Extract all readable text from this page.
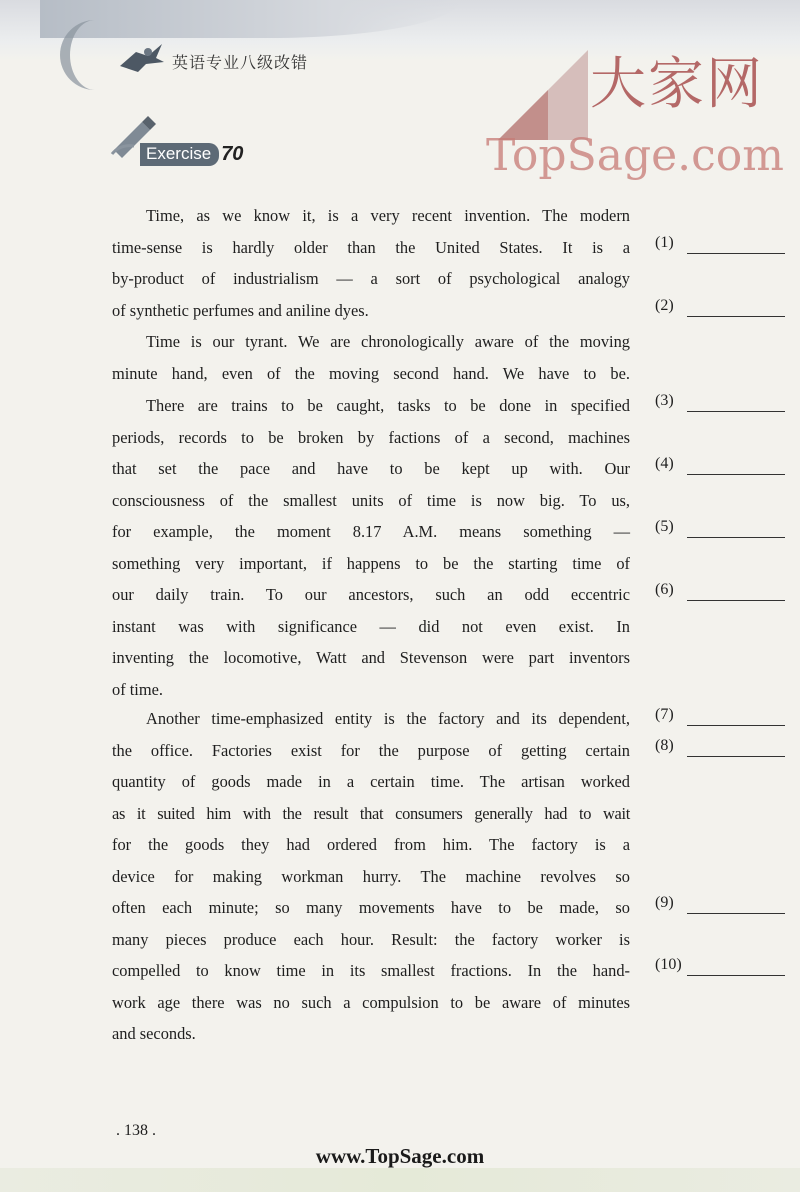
英语专业八级改错	大家网
TopSage.com
Exercise 70
Time, as we know it, is a very recent invention. The modern
time-sense is hardly older than the United States. It is a
by-product of industrialism — a sort of psychological analogy
of synthetic perfumes and aniline dyes.
Time is our tyrant. We are chronologically aware of the moving
minute hand, even of the moving second hand. We have to be.
There are trains to be caught, tasks to be done in specified
periods, records to be broken by factions of a second, machines
that set the pace and have to be kept up with. Our
consciousness of the smallest units of time is now big. To us,
for example, the moment 8.17 A.M. means something —
something very important, if happens to be the starting time of
our daily train. To our ancestors, such an odd eccentric
instant was with significance — did not even exist. In
inventing the locomotive, Watt and Stevenson were part inventors
of time.
Another time-emphasized entity is the factory and its dependent,
the office. Factories exist for the purpose of getting certain
quantity of goods made in a certain time. The artisan worked
as it suited him with the result that consumers generally had to wait
for the goods they had ordered from him. The factory is a
device for making workman hurry. The machine revolves so
often each minute; so many movements have to be made, so
many pieces produce each hour. Result: the factory worker is
compelled to know time in its smallest fractions. In the hand-
work age there was no such a compulsion to be aware of minutes
and seconds.
(1)
(2)
(3)
(4)
(5)
(6)
(7)
(8)
(9)
(10)
. 138 .
www.TopSage.com
